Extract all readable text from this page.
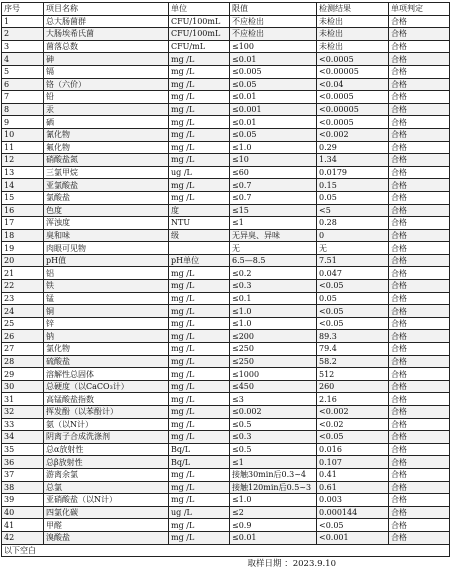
序号	项目名称	单位	限值	检测结果	单项判定
1	总大肠菌群	CFU/100mL	不应检出	未检出	合格
2	大肠埃希氏菌	CFU/100mL	不应检出	未检出	合格
3	菌落总数	CFU/mL	≤100	未检出	合格
4	砷	mg /L	≤0.01	<0.0005	合格
5	镉	mg /L	≤0.005	<0.00005	合格
6	铬（六价）	mg /L	≤0.05	<0.04	合格
7	铅	mg /L	≤0.01	<0.0005	合格
8	汞	mg /L	≤0.001	<0.00005	合格
9	硒	mg /L	≤0.01	<0.0005	合格
10	氰化物	mg /L	≤0.05	<0.002	合格
11	氟化物	mg /L	≤1.0	0.29	合格
12	硝酸盐氮	mg /L	≤10	1.34	合格
13	三氯甲烷	ug /L	≤60	0.0179	合格
14	亚氯酸盐	mg /L	≤0.7	0.15	合格
15	氯酸盐	mg /L	≤0.7	0.05	合格
16	色度	度	≤15	<5	合格
17	浑浊度	NTU	≤1	0.28	合格
18	臭和味	级	无异臭、异味	0	合格
19	肉眼可见物		无	无	合格
20	pH值	pH单位	6.5—8.5	7.51	合格
21	铝	mg /L	≤0.2	0.047	合格
22	铁	mg /L	≤0.3	<0.05	合格
23	锰	mg /L	≤0.1	0.05	合格
24	铜	mg /L	≤1.0	<0.05	合格
25	锌	mg /L	≤1.0	<0.05	合格
26	钠	mg /L	≤200	89.3	合格
27	氯化物	mg /L	≤250	79.4	合格
28	硫酸盐	mg /L	≤250	58.2	合格
29	溶解性总固体	mg /L	≤1000	512	合格
30	总硬度（以CaCO₃计）	mg /L	≤450	260	合格
31	高锰酸盐指数	mg /L	≤3	2.16	合格
32	挥发酚（以苯酚计）	mg /L	≤0.002	<0.002	合格
33	氨（以N计）	mg /L	≤0.5	<0.02	合格
34	阴离子合成洗涤剂	mg /L	≤0.3	<0.05	合格
35	总α放射性	Bq/L	≤0.5	0.016	合格
36	总β放射性	Bq/L	≤1	0.107	合格
37	游离余氯	mg /L	接触30min后0.3~4	0.41	合格
38	总氯	mg /L	接触120min后0.5~3	0.61	合格
39	亚硝酸盐（以N计）	mg /L	≤1.0	0.003	合格
40	四氯化碳	ug /L	≤2	0.000144	合格
41	甲醛	mg /L	≤0.9	<0.05	合格
42	溴酸盐	mg /L	≤0.01	<0.001	合格
以下空白					
取样日期 ：2023.9.10
